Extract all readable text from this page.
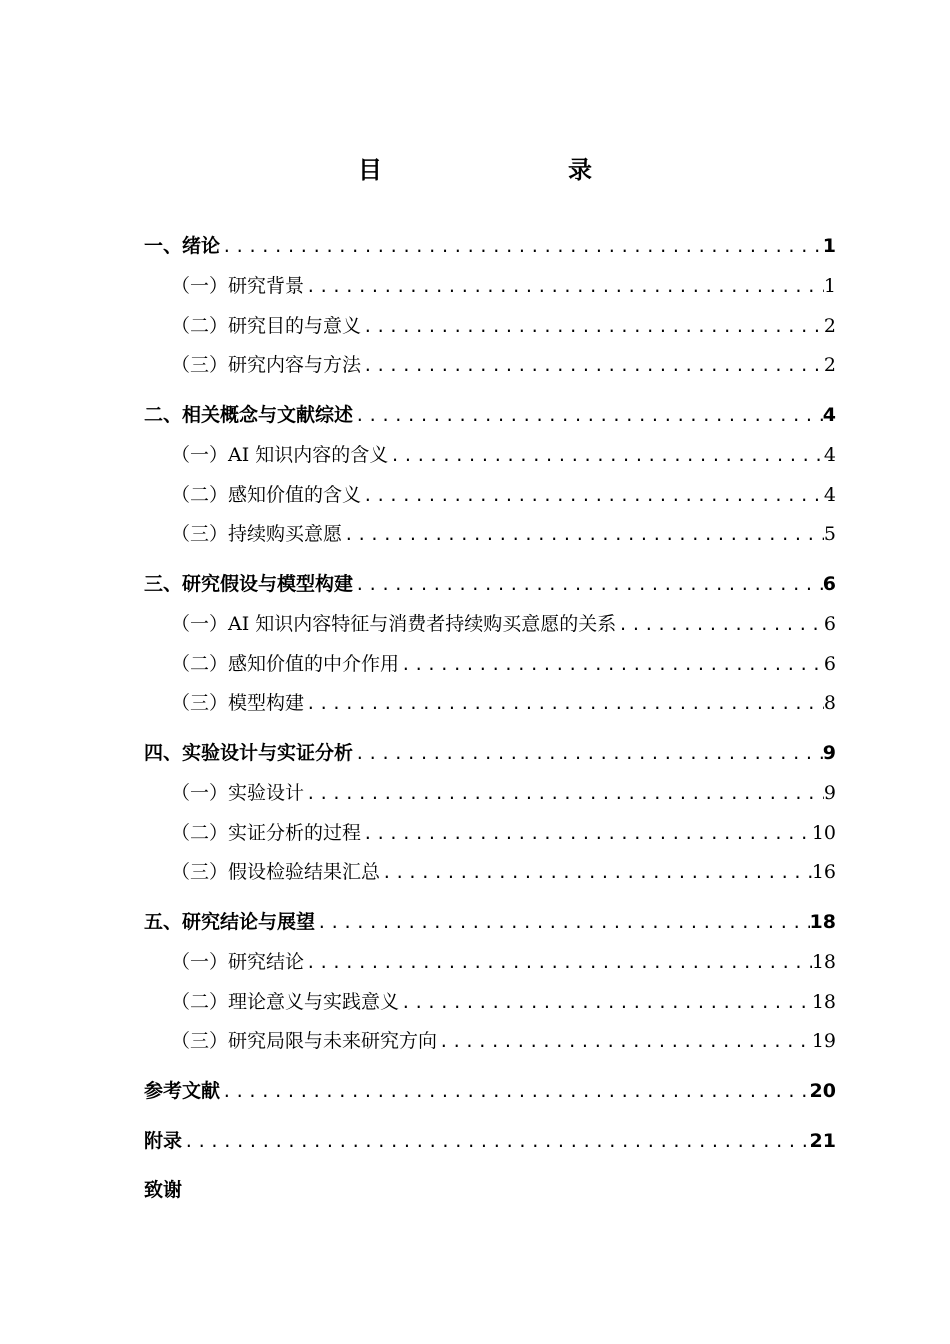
目　　录
一、 绪论 .....	1
（一）研究背景 .....	1
（二）研究目的与意义 .....	2
（三）研究内容与方法 .....	2
二、 相关概念与文献综述 .....	4
（一）AI 知识内容的含义 .....	4
（二）感知价值的含义 .....	4
（三）持续购买意愿 .....	5
三、 研究假设与模型构建 .....	6
（一）AI 知识内容特征与消费者持续购买意愿的关系 .....	6
（二）感知价值的中介作用 .....	6
（三）模型构建 .....	8
四、 实验设计与实证分析 .....	9
（一）实验设计 .....	9
（二）实证分析的过程 .....	10
（三）假设检验结果汇总 .....	16
五、 研究结论与展望 .....	18
（一）研究结论 .....	18
（二）理论意义与实践意义 .....	18
（三）研究局限与未来研究方向 .....	19
参考文献 .....	20
附录 .....	21
致谢
